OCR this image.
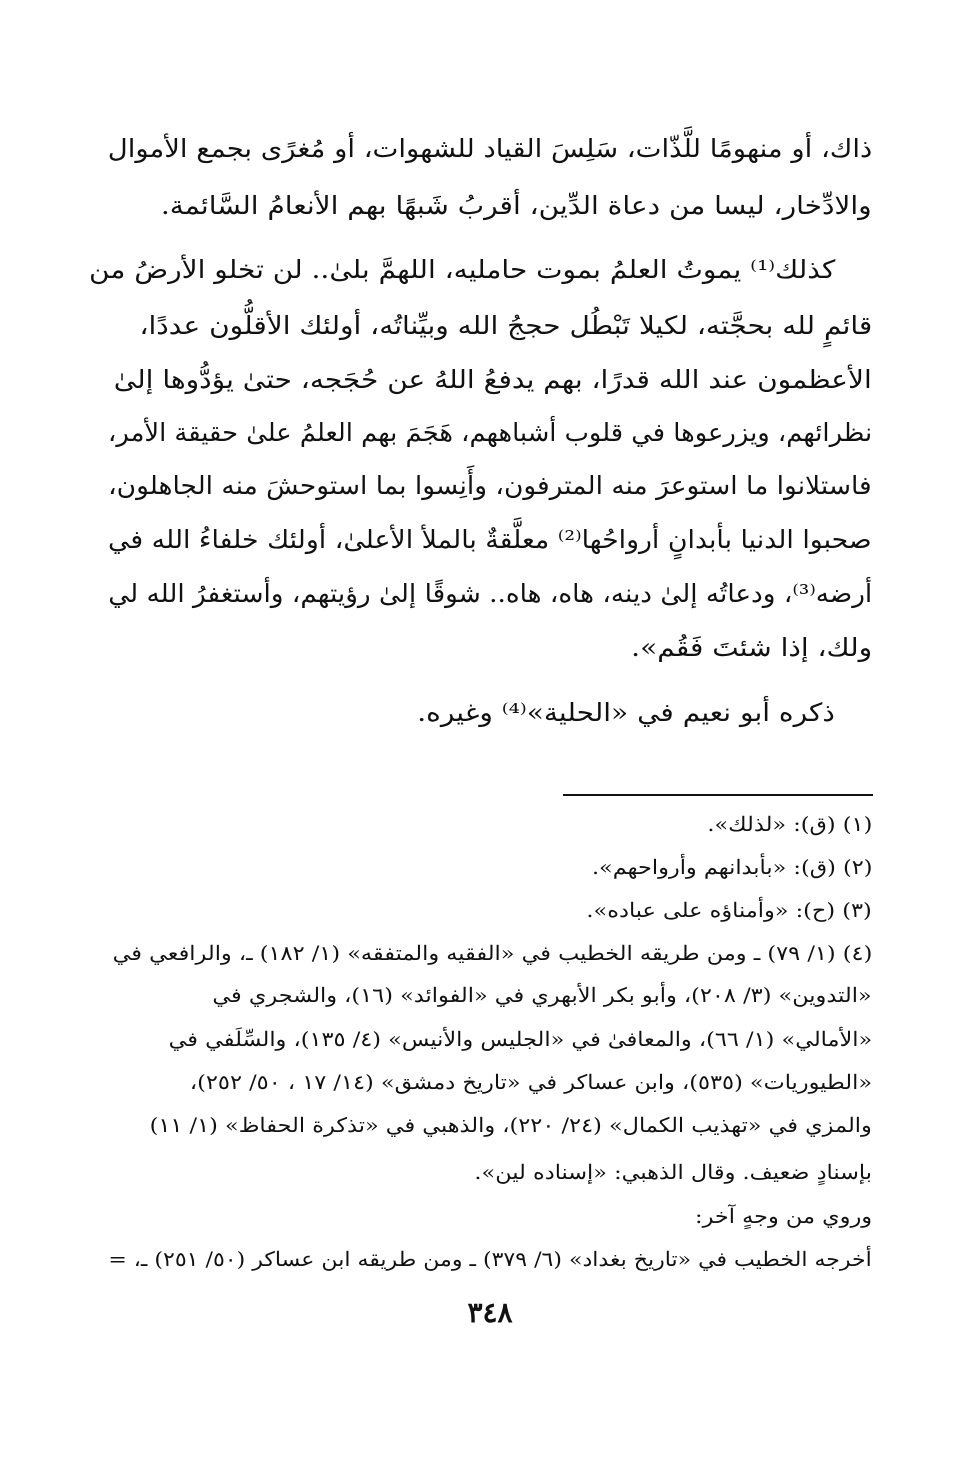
ذاك، أو منهومًا للَّذّات، سَلِسَ القياد للشهوات، أو مُغرًى بجمع الأموال
والادِّخار، ليسا من دعاة الدِّين، أقربُ شَبهًا بهم الأنعامُ السَّائمة.
كذلك⁽¹⁾ يموتُ العلمُ بموت حامليه، اللهمَّ بلىٰ.. لن تخلو الأرضُ من
قائمٍ لله بحجَّته، لكيلا تَبْطُل حججُ الله وبيِّناتُه، أولئك الأقلُّون عددًا،
الأعظمون عند الله قدرًا، بهم يدفعُ اللهُ عن حُجَجه، حتىٰ يؤدُّوها إلىٰ
نظرائهم، ويزرعوها في قلوب أشباههم، هَجَمَ بهم العلمُ علىٰ حقيقة الأمر،
فاستلانوا ما استوعرَ منه المترفون، وأَنِسوا بما استوحشَ منه الجاهلون،
صحبوا الدنيا بأبدانٍ أرواحُها⁽²⁾ معلَّقةٌ بالملأ الأعلىٰ، أولئك خلفاءُ الله في
أرضه⁽³⁾، ودعاتُه إلىٰ دينه، هاه، هاه.. شوقًا إلىٰ رؤيتهم، وأستغفرُ الله لي
ولك، إذا شئتَ فَقُم».
ذكره أبو نعيم في «الحلية»⁽⁴⁾ وغيره.
(١) (ق): «لذلك».
(٢) (ق): «بأبدانهم وأرواحهم».
(٣) (ح): «وأمناؤه على عباده».
(٤) (١/ ٧٩) ـ ومن طريقه الخطيب في «الفقيه والمتفقه» (١/ ١٨٢) ـ، والرافعي في
«التدوين» (٣/ ٢٠٨)، وأبو بكر الأبهري في «الفوائد» (١٦)، والشجري في
«الأمالي» (١/ ٦٦)، والمعافىٰ في «الجليس والأنيس» (٤/ ١٣٥)، والسِّلَفي في
«الطيوريات» (٥٣٥)، وابن عساكر في «تاريخ دمشق» (١٤/ ١٧ ، ٥٠/ ٢٥٢)،
والمزي في «تهذيب الكمال» (٢٤/ ٢٢٠)، والذهبي في «تذكرة الحفاظ» (١/ ١١)
بإسنادٍ ضعيف. وقال الذهبي: «إسناده لين».
وروي من وجهٍ آخر:
أخرجه الخطيب في «تاريخ بغداد» (٦/ ٣٧٩) ـ ومن طريقه ابن عساكر (٥٠/ ٢٥١) ـ، =
٣٤٨
